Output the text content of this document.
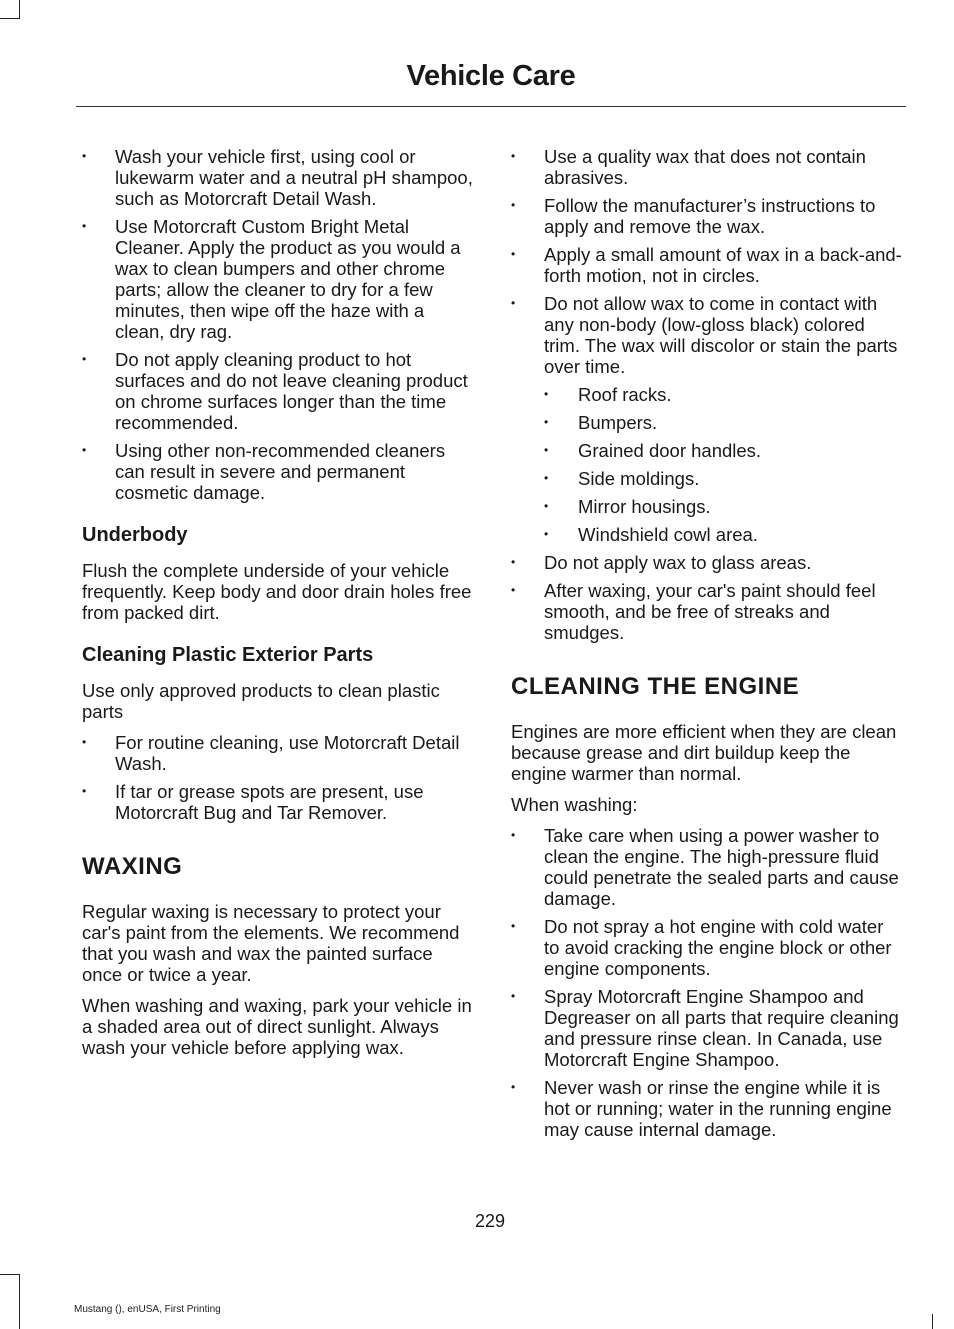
Vehicle Care
• Wash your vehicle first, using cool or lukewarm water and a neutral pH shampoo, such as Motorcraft Detail Wash.
• Use Motorcraft Custom Bright Metal Cleaner. Apply the product as you would a wax to clean bumpers and other chrome parts; allow the cleaner to dry for a few minutes, then wipe off the haze with a clean, dry rag.
• Do not apply cleaning product to hot surfaces and do not leave cleaning product on chrome surfaces longer than the time recommended.
• Using other non-recommended cleaners can result in severe and permanent cosmetic damage.
Underbody

Flush the complete underside of your vehicle frequently. Keep body and door drain holes free from packed dirt.

Cleaning Plastic Exterior Parts

Use only approved products to clean plastic parts

• For routine cleaning, use Motorcraft Detail Wash.
• If tar or grease spots are present, use Motorcraft Bug and Tar Remover.
WAXING

Regular waxing is necessary to protect your car's paint from the elements. We recommend that you wash and wax the painted surface once or twice a year.

When washing and waxing, park your vehicle in a shaded area out of direct sunlight. Always wash your vehicle before applying wax.

• Use a quality wax that does not contain abrasives.
• Follow the manufacturer’s instructions to apply and remove the wax.
• Apply a small amount of wax in a back-and-forth motion, not in circles.
• Do not allow wax to come in contact with any non-body (low-gloss black) colored trim. The wax will discolor or stain the parts over time.
• Roof racks.
• Bumpers.
• Grained door handles.
• Side moldings.
• Mirror housings.
• Windshield cowl area.
• Do not apply wax to glass areas.
• After waxing, your car's paint should feel smooth, and be free of streaks and smudges.
CLEANING THE ENGINE

Engines are more efficient when they are clean because grease and dirt buildup keep the engine warmer than normal.

When washing:

• Take care when using a power washer to clean the engine. The high-pressure fluid could penetrate the sealed parts and cause damage.
• Do not spray a hot engine with cold water to avoid cracking the engine block or other engine components.
• Spray Motorcraft Engine Shampoo and Degreaser on all parts that require cleaning and pressure rinse clean. In Canada, use Motorcraft Engine Shampoo.
• Never wash or rinse the engine while it is hot or running; water in the running engine may cause internal damage.
229
Mustang (), enUSA, First Printing
